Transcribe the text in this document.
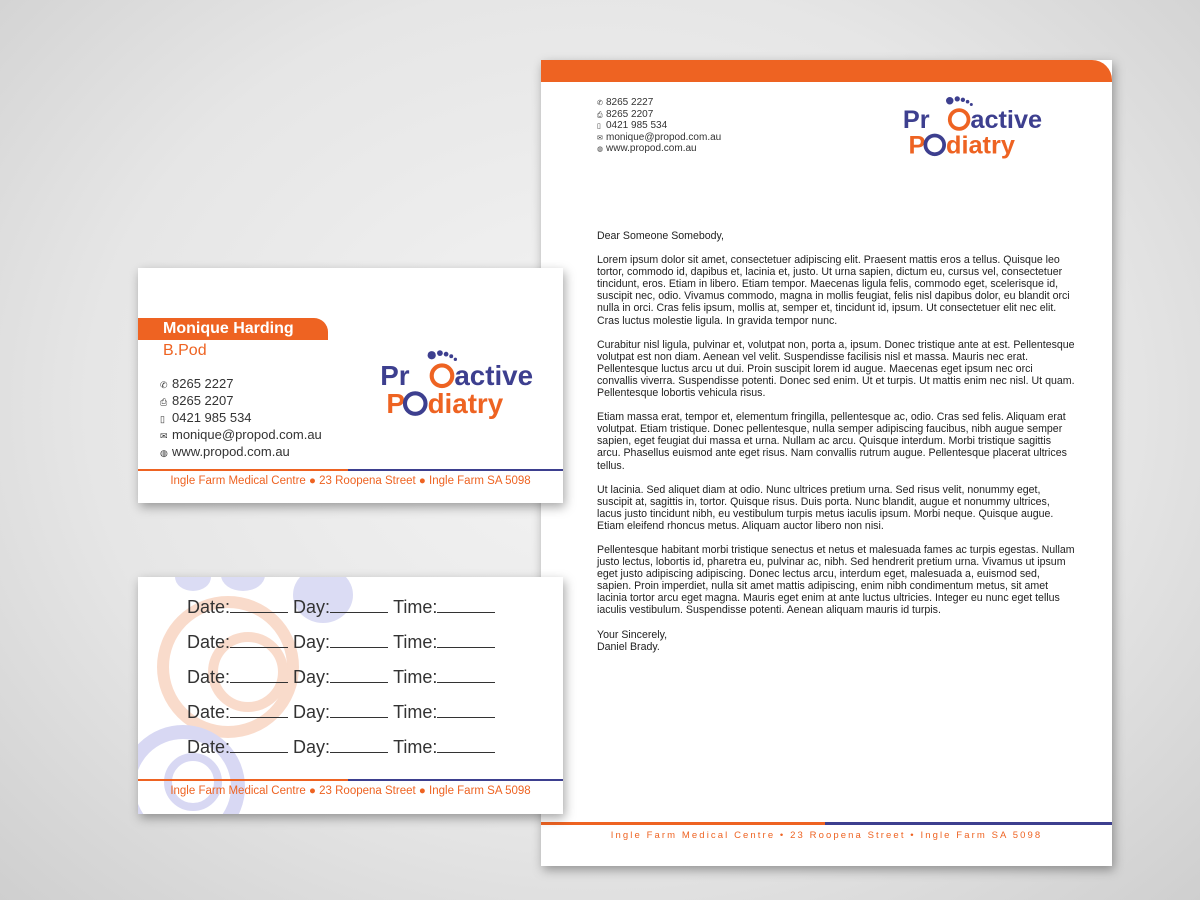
✆ 8265 2227
⎙ 8265 2207
▯ 0421 985 534
✉ monique@propod.com.au
◍ www.propod.com.au
Pr active
P diatry

Dear Someone Somebody,

Lorem ipsum dolor sit amet, consectetuer adipiscing elit. Praesent mattis eros a tellus. Quisque leo tortor, commodo id, dapibus et, lacinia et, justo. Ut urna sapien, dictum eu, cursus vel, consectetuer tincidunt, eros. Etiam in libero. Etiam tempor. Maecenas ligula felis, commodo eget, scelerisque id, suscipit nec, odio. Vivamus commodo, magna in mollis feugiat, felis nisl dapibus dolor, eu blandit orci nulla in orci. Cras felis ipsum, mollis at, semper et, tincidunt id, ipsum. Ut consectetuer elit nec elit. Cras luctus molestie ligula. In gravida tempor nunc.

Curabitur nisl ligula, pulvinar et, volutpat non, porta a, ipsum. Donec tristique ante at est. Pellentesque volutpat est non diam. Aenean vel velit. Suspendisse facilisis nisl et massa. Mauris nec erat. Pellentesque luctus arcu ut dui. Proin suscipit lorem id augue. Maecenas eget ipsum nec orci convallis viverra. Suspendisse potenti. Donec sed enim. Ut et turpis. Ut mattis enim nec nisl. Ut quam. Pellentesque lobortis vehicula risus.

Etiam massa erat, tempor et, elementum fringilla, pellentesque ac, odio. Cras sed felis. Aliquam erat volutpat. Etiam tristique. Donec pellentesque, nulla semper adipiscing faucibus, nibh augue semper sapien, eget feugiat dui massa et urna. Nullam ac arcu. Quisque interdum. Morbi tristique sagittis arcu. Phasellus euismod ante eget risus. Nam convallis rutrum augue. Pellentesque placerat ultrices tellus.

Ut lacinia. Sed aliquet diam at odio. Nunc ultrices pretium urna. Sed risus velit, nonummy eget, suscipit at, sagittis in, tortor. Quisque risus. Duis porta. Nunc blandit, augue et nonummy ultrices, lacus justo tincidunt nibh, eu vestibulum turpis metus iaculis ipsum. Morbi neque. Quisque augue. Etiam eleifend rhoncus metus. Aliquam auctor libero non nisi.

Pellentesque habitant morbi tristique senectus et netus et malesuada fames ac turpis egestas. Nullam justo lectus, lobortis id, pharetra eu, pulvinar ac, nibh. Sed hendrerit pretium urna. Vivamus ut ipsum eget justo adipiscing adipiscing. Donec lectus arcu, interdum eget, malesuada a, euismod sed, sapien. Proin imperdiet, nulla sit amet mattis adipiscing, enim nibh condimentum metus, sit amet lacinia tortor arcu eget magna. Mauris eget enim at ante luctus ultricies. Integer eu nunc eget tellus iaculis vestibulum. Suspendisse potenti. Aenean aliquam mauris id turpis.

Your Sincerely,
Daniel Brady.
Ingle Farm Medical Centre • 23 Roopena Street • Ingle Farm SA 5098
Monique Harding
B.Pod
✆ 8265 2227
⎙ 8265 2207
▯ 0421 985 534
✉ monique@propod.com.au
◍ www.propod.com.au
Pr active
P diatry
Ingle Farm Medical Centre ● 23 Roopena Street ● Ingle Farm SA 5098
Date:	Day:	Time:
Date:	Day:	Time:
Date:	Day:	Time:
Date:	Day:	Time:
Date:	Day:	Time:
Ingle Farm Medical Centre ● 23 Roopena Street ● Ingle Farm SA 5098
